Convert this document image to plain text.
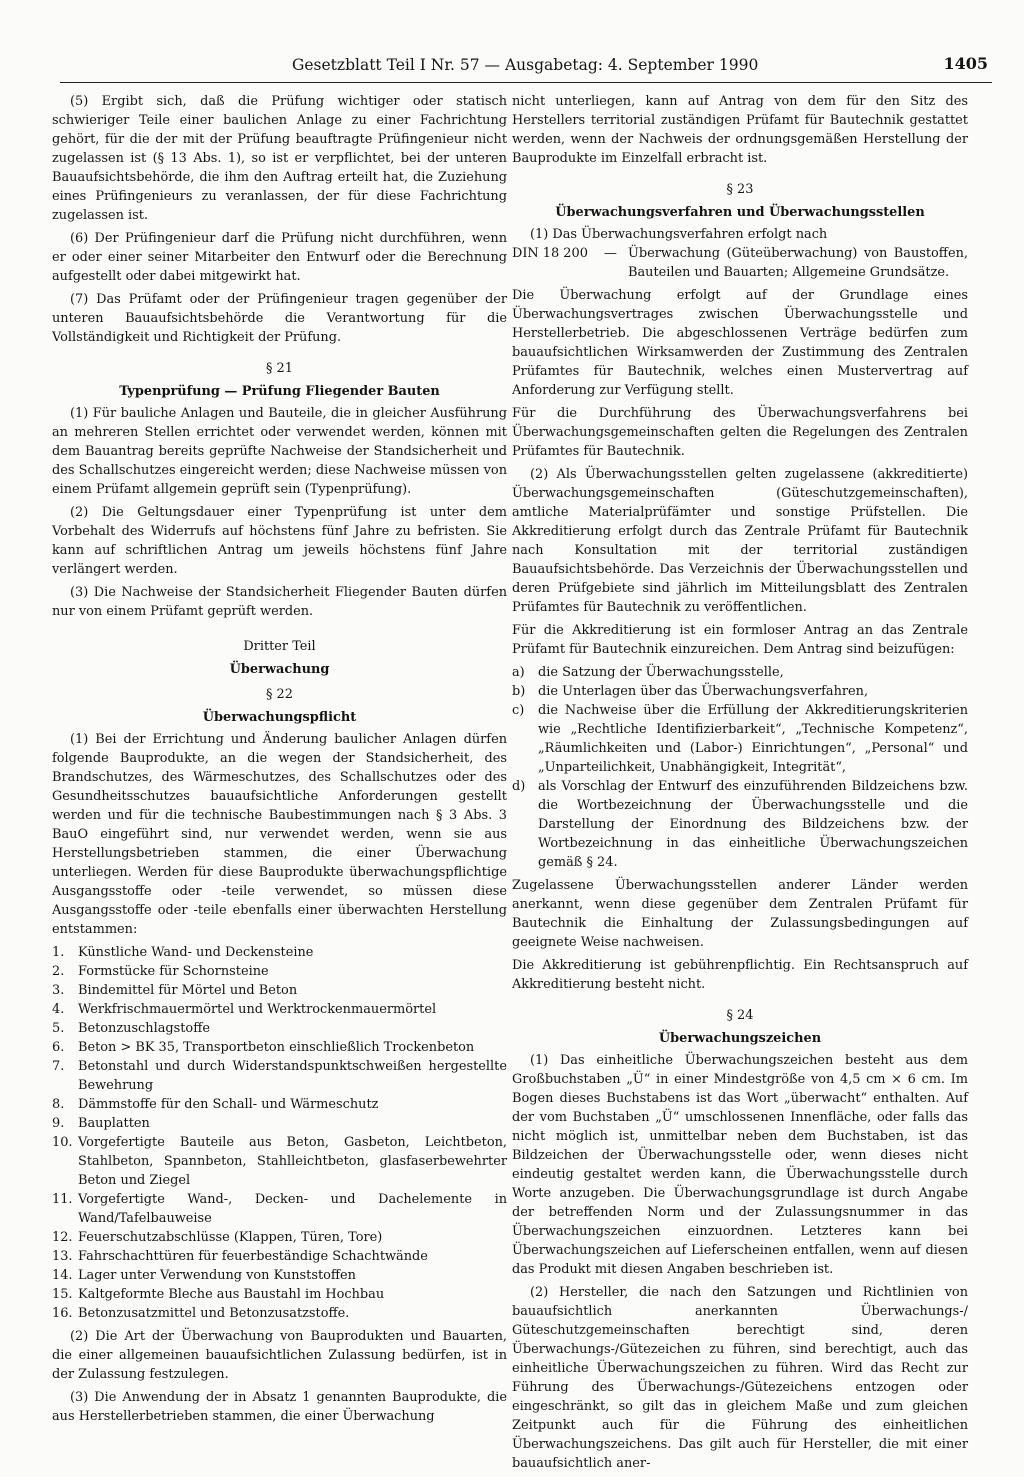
Gesetzblatt Teil I Nr. 57 — Ausgabetag: 4. September 1990	1405

(5) Ergibt sich, daß die Prüfung wichtiger oder statisch schwieriger Teile einer baulichen Anlage zu einer Fachrichtung gehört, für die der mit der Prüfung beauftragte Prüfingenieur nicht zugelassen ist (§ 13 Abs. 1), so ist er verpflichtet, bei der unteren Bauaufsichtsbehörde, die ihm den Auftrag erteilt hat, die Zuziehung eines Prüfingenieurs zu veranlassen, der für diese Fachrichtung zugelassen ist.

(6) Der Prüfingenieur darf die Prüfung nicht durchführen, wenn er oder einer seiner Mitarbeiter den Entwurf oder die Berechnung aufgestellt oder dabei mitgewirkt hat.

(7) Das Prüfamt oder der Prüfingenieur tragen gegenüber der unteren Bauaufsichtsbehörde die Verantwortung für die Vollständigkeit und Richtigkeit der Prüfung.

§ 21
Typenprüfung — Prüfung Fliegender Bauten

(1) Für bauliche Anlagen und Bauteile, die in gleicher Ausführung an mehreren Stellen errichtet oder verwendet werden, können mit dem Bauantrag bereits geprüfte Nachweise der Standsicherheit und des Schallschutzes eingereicht werden; diese Nachweise müssen von einem Prüfamt allgemein geprüft sein (Typenprüfung).

(2) Die Geltungsdauer einer Typenprüfung ist unter dem Vorbehalt des Widerrufs auf höchstens fünf Jahre zu befristen. Sie kann auf schriftlichen Antrag um jeweils höchstens fünf Jahre verlängert werden.

(3) Die Nachweise der Standsicherheit Fliegender Bauten dürfen nur von einem Prüfamt geprüft werden.

Dritter Teil
Überwachung
§ 22
Überwachungspflicht

(1) Bei der Errichtung und Änderung baulicher Anlagen dürfen folgende Bauprodukte, an die wegen der Standsicherheit, des Brandschutzes, des Wärmeschutzes, des Schallschutzes oder des Gesundheitsschutzes bauaufsichtliche Anforderungen gestellt werden und für die technische Baubestimmungen nach § 3 Abs. 3 BauO eingeführt sind, nur verwendet werden, wenn sie aus Herstellungsbetrieben stammen, die einer Überwachung unterliegen. Werden für diese Bauprodukte überwachungspflichtige Ausgangsstoffe oder -teile verwendet, so müssen diese Ausgangsstoffe oder -teile ebenfalls einer überwachten Herstellung entstammen:

1.	Künstliche Wand- und Deckensteine
2.	Formstücke für Schornsteine
3.	Bindemittel für Mörtel und Beton
4.	Werkfrischmauermörtel und Werktrockenmauermörtel
5.	Betonzuschlagstoffe
6.	Beton > BK 35, Transportbeton einschließlich Trockenbeton
7.	Betonstahl und durch Widerstandspunktschweißen hergestellte Bewehrung
8.	Dämmstoffe für den Schall- und Wärmeschutz
9.	Bauplatten
10. Vorgefertigte Bauteile aus Beton, Gasbeton, Leichtbeton, Stahlbeton, Spannbeton, Stahlleichtbeton, glasfaserbewehrter Beton und Ziegel
11. Vorgefertigte Wand-, Decken- und Dachelemente in Wand/Tafelbauweise
12. Feuerschutzabschlüsse (Klappen, Türen, Tore)
13. Fahrschachttüren für feuerbeständige Schachtwände
14. Lager unter Verwendung von Kunststoffen
15. Kaltgeformte Bleche aus Baustahl im Hochbau
16. Betonzusatzmittel und Betonzusatzstoffe.

(2) Die Art der Überwachung von Bauprodukten und Bauarten, die einer allgemeinen bauaufsichtlichen Zulassung bedürfen, ist in der Zulassung festzulegen.

(3) Die Anwendung der in Absatz 1 genannten Bauprodukte, die aus Herstellerbetrieben stammen, die einer Überwachung

nicht unterliegen, kann auf Antrag von dem für den Sitz des Herstellers territorial zuständigen Prüfamt für Bautechnik gestattet werden, wenn der Nachweis der ordnungsgemäßen Herstellung der Bauprodukte im Einzelfall erbracht ist.

§ 23
Überwachungsverfahren und Überwachungsstellen

(1) Das Überwachungsverfahren erfolgt nach

DIN 18 200	— Überwachung (Güteüberwachung) von Baustoffen, Bauteilen und Bauarten; Allgemeine Grundsätze.

Die Überwachung erfolgt auf der Grundlage eines Überwachungsvertrages zwischen Überwachungsstelle und Herstellerbetrieb. Die abgeschlossenen Verträge bedürfen zum bauaufsichtlichen Wirksamwerden der Zustimmung des Zentralen Prüfamtes für Bautechnik, welches einen Mustervertrag auf Anforderung zur Verfügung stellt.

Für die Durchführung des Überwachungsverfahrens bei Überwachungsgemeinschaften gelten die Regelungen des Zentralen Prüfamtes für Bautechnik.

(2) Als Überwachungsstellen gelten zugelassene (akkreditierte) Überwachungsgemeinschaften (Güteschutzgemeinschaften), amtliche Materialprüfämter und sonstige Prüfstellen. Die Akkreditierung erfolgt durch das Zentrale Prüfamt für Bautechnik nach Konsultation mit der territorial zuständigen Bauaufsichtsbehörde. Das Verzeichnis der Überwachungsstellen und deren Prüfgebiete sind jährlich im Mitteilungsblatt des Zentralen Prüfamtes für Bautechnik zu veröffentlichen.

Für die Akkreditierung ist ein formloser Antrag an das Zentrale Prüfamt für Bautechnik einzureichen. Dem Antrag sind beizufügen:

a)	die Satzung der Überwachungsstelle,
b) die Unterlagen über das Überwachungsverfahren,
c)	die Nachweise über die Erfüllung der Akkreditierungskriterien wie „Rechtliche Identifizierbarkeit“, „Technische Kompetenz“, „Räumlichkeiten und (Labor-) Einrichtungen“, „Personal“ und „Unparteilichkeit, Unabhängigkeit, Integrität“,
d) als Vorschlag der Entwurf des einzuführenden Bildzeichens bzw. die Wortbezeichnung der Überwachungsstelle und die Darstellung der Einordnung des Bildzeichens bzw. der Wortbezeichnung in das einheitliche Überwachungszeichen gemäß § 24.

Zugelassene Überwachungsstellen anderer Länder werden anerkannt, wenn diese gegenüber dem Zentralen Prüfamt für Bautechnik die Einhaltung der Zulassungsbedingungen auf geeignete Weise nachweisen.

Die Akkreditierung ist gebührenpflichtig. Ein Rechtsanspruch auf Akkreditierung besteht nicht.

§ 24
Überwachungszeichen

(1) Das einheitliche Überwachungszeichen besteht aus dem Großbuchstaben „Ü“ in einer Mindestgröße von 4,5 cm × 6 cm. Im Bogen dieses Buchstabens ist das Wort „überwacht“ enthalten. Auf der vom Buchstaben „Ü“ umschlossenen Innenfläche, oder falls das nicht möglich ist, unmittelbar neben dem Buchstaben, ist das Bildzeichen der Überwachungsstelle oder, wenn dieses nicht eindeutig gestaltet werden kann, die Überwachungsstelle durch Worte anzugeben. Die Überwachungsgrundlage ist durch Angabe der betreffenden Norm und der Zulassungsnummer in das Überwachungszeichen einzuordnen. Letzteres kann bei Überwachungszeichen auf Lieferscheinen entfallen, wenn auf diesen das Produkt mit diesen Angaben beschrieben ist.

(2) Hersteller, die nach den Satzungen und Richtlinien von bauaufsichtlich anerkannten Überwachungs-/ Güteschutzgemeinschaften berechtigt sind, deren Überwachungs-/Gütezeichen zu führen, sind berechtigt, auch das einheitliche Überwachungszeichen zu führen. Wird das Recht zur Führung des Überwachungs-/Gütezeichens entzogen oder eingeschränkt, so gilt das in gleichem Maße und zum gleichen Zeitpunkt auch für die Führung des einheitlichen Überwachungszeichens. Das gilt auch für Hersteller, die mit einer bauaufsichtlich aner-
